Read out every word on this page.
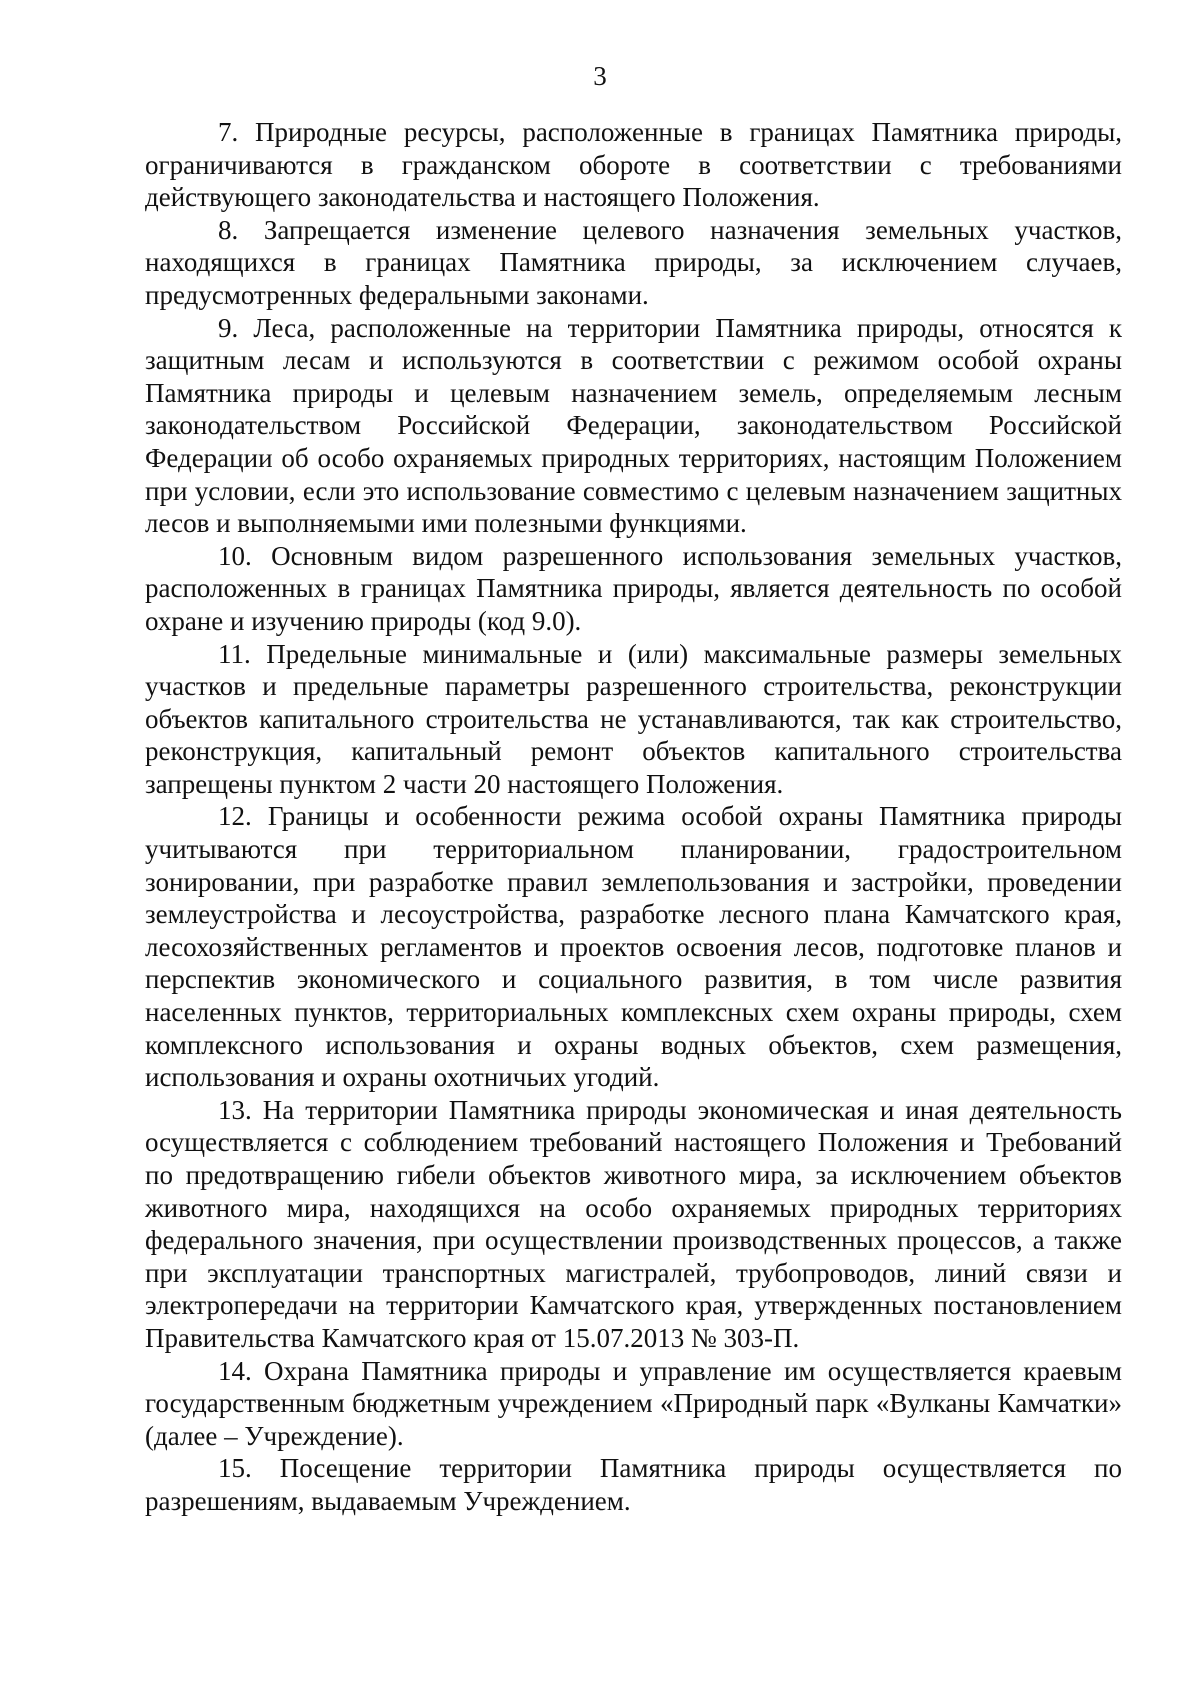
3

7. Природные ресурсы, расположенные в границах Памятника природы, ограничиваются в гражданском обороте в соответствии с требованиями действующего законодательства и настоящего Положения.

8. Запрещается изменение целевого назначения земельных участков, находящихся в границах Памятника природы, за исключением случаев, предусмотренных федеральными законами.

9. Леса, расположенные на территории Памятника природы, относятся к защитным лесам и используются в соответствии с режимом особой охраны Памятника природы и целевым назначением земель, определяемым лесным законодательством Российской Федерации, законодательством Российской Федерации об особо охраняемых природных территориях, настоящим Положением при условии, если это использование совместимо с целевым назначением защитных лесов и выполняемыми ими полезными функциями.

10. Основным видом разрешенного использования земельных участков, расположенных в границах Памятника природы, является деятельность по особой охране и изучению природы (код 9.0).

11. Предельные минимальные и (или) максимальные размеры земельных участков и предельные параметры разрешенного строительства, реконструкции объектов капитального строительства не устанавливаются, так как строительство, реконструкция, капитальный ремонт объектов капитального строительства запрещены пунктом 2 части 20 настоящего Положения.

12. Границы и особенности режима особой охраны Памятника природы учитываются при территориальном планировании, градостроительном зонировании, при разработке правил землепользования и застройки, проведении землеустройства и лесоустройства, разработке лесного плана Камчатского края, лесохозяйственных регламентов и проектов освоения лесов, подготовке планов и перспектив экономического и социального развития, в том числе развития населенных пунктов, территориальных комплексных схем охраны природы, схем комплексного использования и охраны водных объектов, схем размещения, использования и охраны охотничьих угодий.

13. На территории Памятника природы экономическая и иная деятельность осуществляется с соблюдением требований настоящего Положения и Требований по предотвращению гибели объектов животного мира, за исключением объектов животного мира, находящихся на особо охраняемых природных территориях федерального значения, при осуществлении производственных процессов, а также при эксплуатации транспортных магистралей, трубопроводов, линий связи и электропередачи на территории Камчатского края, утвержденных постановлением Правительства Камчатского края от 15.07.2013 № 303-П.

14. Охрана Памятника природы и управление им осуществляется краевым государственным бюджетным учреждением «Природный парк «Вулканы Камчатки» (далее – Учреждение).

15. Посещение территории Памятника природы осуществляется по разрешениям, выдаваемым Учреждением.
